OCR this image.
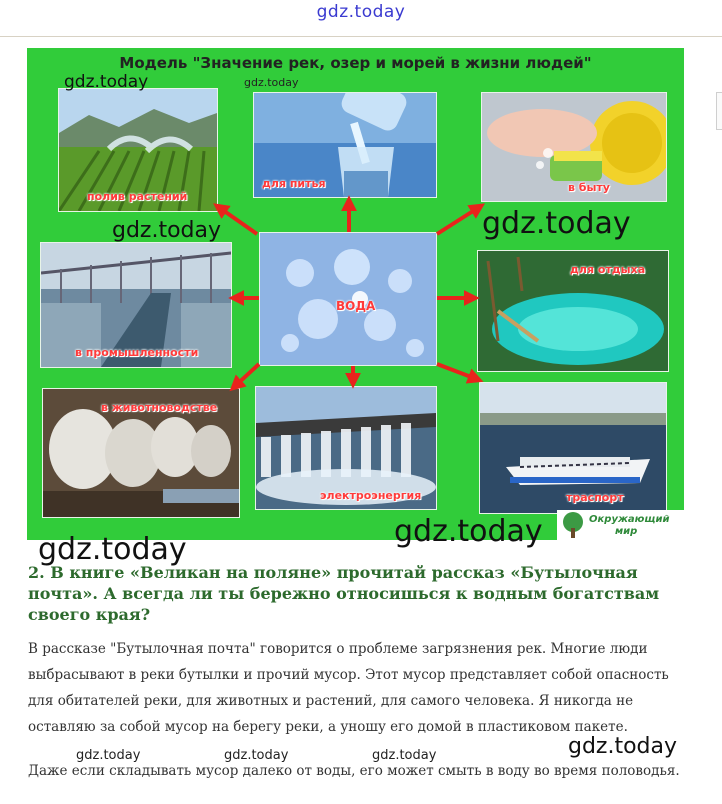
gdz.today
Модель "Значение рек, озер и морей в жизни людей"
полив растений
для питья	в быту
в промышленности
ВОДА
для отдыха
в животноводстве
электроэнергия	траспорт
Окружающий
мир
gdz.today	gdz.today
gdz.today	gdz.today
gdz.today
gdz.today
gdz.today
gdz.today	gdz.today	gdz.today
2. В книге «Великан на поляне» прочитай рассказ «Бутылочная почта». А всегда ли ты бережно относишься к водным богатствам своего края?
В рассказе "Бутылочная почта" говорится о проблеме загрязнения рек. Многие люди выбрасывают в реки бутылки и прочий мусор. Этот мусор представляет собой опасность для обитателей реки, для животных и растений, для самого человека. Я никогда не оставляю за собой мусор на берегу реки, а уношу его домой в пластиковом пакете.
Даже если складывать мусор далеко от воды, его может смыть в воду во время половодья.
